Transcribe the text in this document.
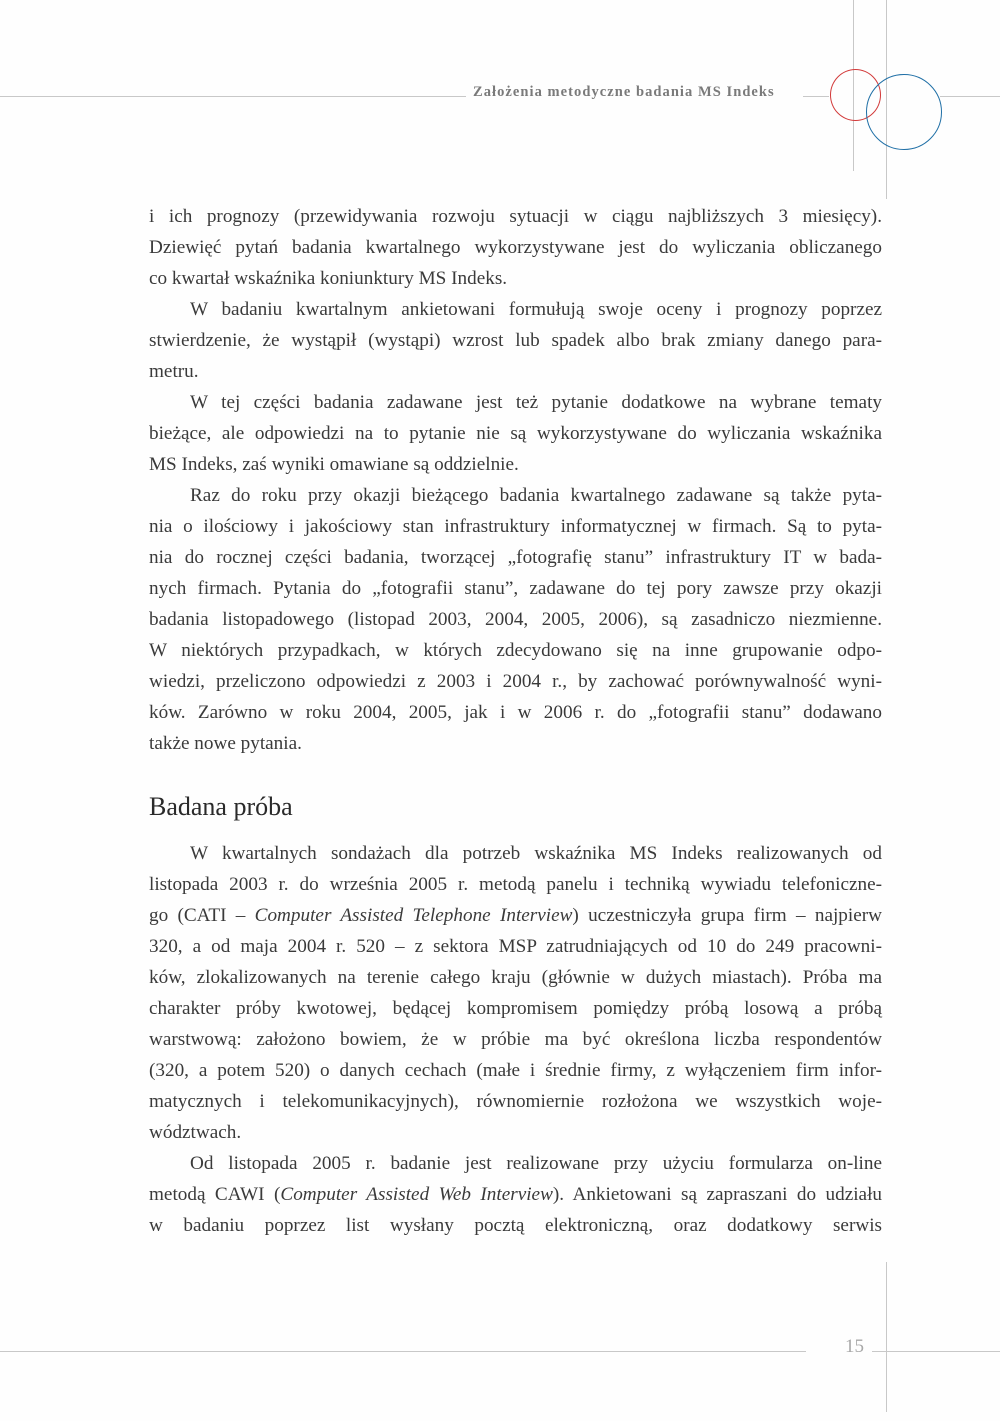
Założenia metodyczne badania MS Indeks
i ich prognozy (przewidywania rozwoju sytuacji w ciągu najbliższych 3 miesięcy).
Dziewięć pytań badania kwartalnego wykorzystywane jest do wyliczania obliczanego
co kwartał wskaźnika koniunktury MS Indeks.
W badaniu kwartalnym ankietowani formułują swoje oceny i prognozy poprzez
stwierdzenie, że wystąpił (wystąpi) wzrost lub spadek albo brak zmiany danego para-
metru.
W tej części badania zadawane jest też pytanie dodatkowe na wybrane tematy
bieżące, ale odpowiedzi na to pytanie nie są wykorzystywane do wyliczania wskaźnika
MS Indeks, zaś wyniki omawiane są oddzielnie.
Raz do roku przy okazji bieżącego badania kwartalnego zadawane są także pyta-
nia o ilościowy i jakościowy stan infrastruktury informatycznej w firmach. Są to pyta-
nia do rocznej części badania, tworzącej „fotografię stanu” infrastruktury IT w bada-
nych firmach. Pytania do „fotografii stanu”, zadawane do tej pory zawsze przy okazji
badania listopadowego (listopad 2003, 2004, 2005, 2006), są zasadniczo niezmienne.
W niektórych przypadkach, w których zdecydowano się na inne grupowanie odpo-
wiedzi, przeliczono odpowiedzi z 2003 i 2004 r., by zachować porównywalność wyni-
ków. Zarówno w roku 2004, 2005, jak i w 2006 r. do „fotografii stanu” dodawano
także nowe pytania.
Badana próba
W kwartalnych sondażach dla potrzeb wskaźnika MS Indeks realizowanych od
listopada 2003 r. do września 2005 r. metodą panelu i techniką wywiadu telefoniczne-
go (CATI – Computer Assisted Telephone Interview) uczestniczyła grupa firm – najpierw
320, a od maja 2004 r. 520 – z sektora MSP zatrudniających od 10 do 249 pracowni-
ków, zlokalizowanych na terenie całego kraju (głównie w dużych miastach). Próba ma
charakter próby kwotowej, będącej kompromisem pomiędzy próbą losową a próbą
warstwową: założono bowiem, że w próbie ma być określona liczba respondentów
(320, a potem 520) o danych cechach (małe i średnie firmy, z wyłączeniem firm infor-
matycznych i telekomunikacyjnych), równomiernie rozłożona we wszystkich woje-
wództwach.
Od listopada 2005 r. badanie jest realizowane przy użyciu formularza on-line
metodą CAWI (Computer Assisted Web Interview). Ankietowani są zapraszani do udziału
w badaniu poprzez list wysłany pocztą elektroniczną, oraz dodatkowy serwis
15
